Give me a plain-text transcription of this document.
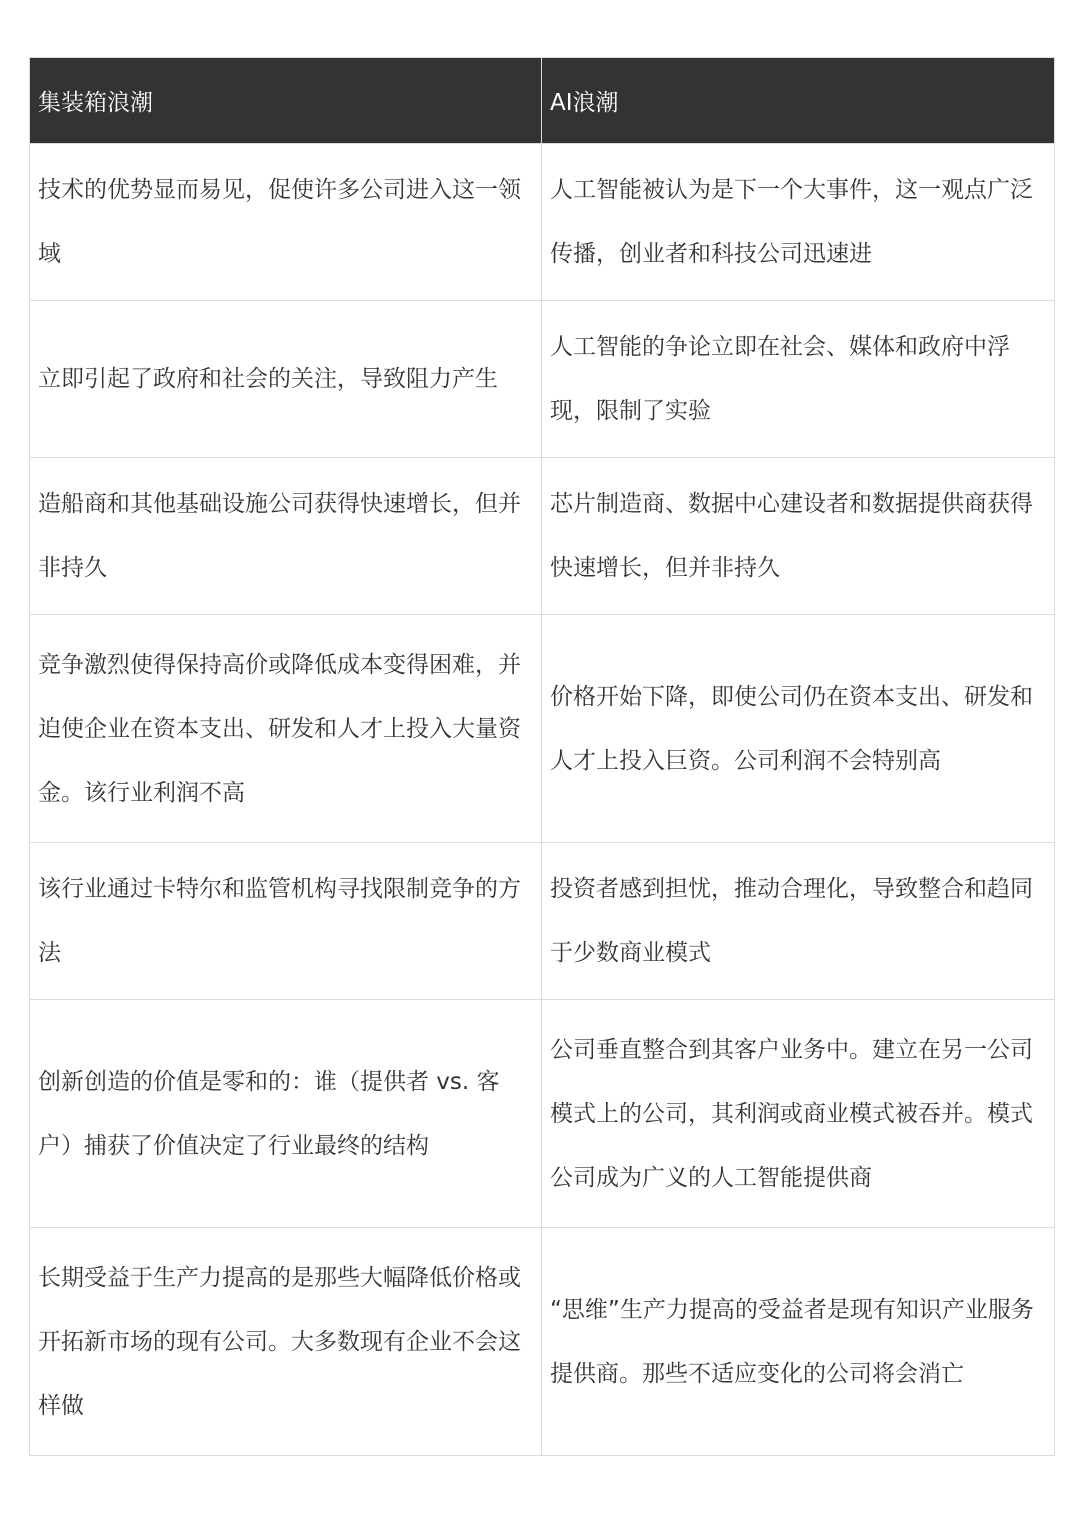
集装箱浪潮	AI浪潮
技术的优势显而易见，促使许多公司进入这一领域	人工智能被认为是下一个大事件，这一观点广泛传播，创业者和科技公司迅速进
立即引起了政府和社会的关注，导致阻力产生	人工智能的争论立即在社会、媒体和政府中浮现，限制了实验
造船商和其他基础设施公司获得快速增长，但并非持久	芯片制造商、数据中心建设者和数据提供商获得快速增长，但并非持久
竞争激烈使得保持高价或降低成本变得困难，并迫使企业在资本支出、研发和人才上投入大量资金。该行业利润不高	价格开始下降，即使公司仍在资本支出、研发和人才上投入巨资。公司利润不会特别高
该行业通过卡特尔和监管机构寻找限制竞争的方法	投资者感到担忧，推动合理化，导致整合和趋同于少数商业模式
创新创造的价值是零和的：谁（提供者 vs. 客户）捕获了价值决定了行业最终的结构	公司垂直整合到其客户业务中。建立在另一公司模式上的公司，其利润或商业模式被吞并。模式公司成为广义的人工智能提供商
长期受益于生产力提高的是那些大幅降低价格或开拓新市场的现有公司。大多数现有企业不会这样做	“思维”生产力提高的受益者是现有知识产业服务提供商。那些不适应变化的公司将会消亡
